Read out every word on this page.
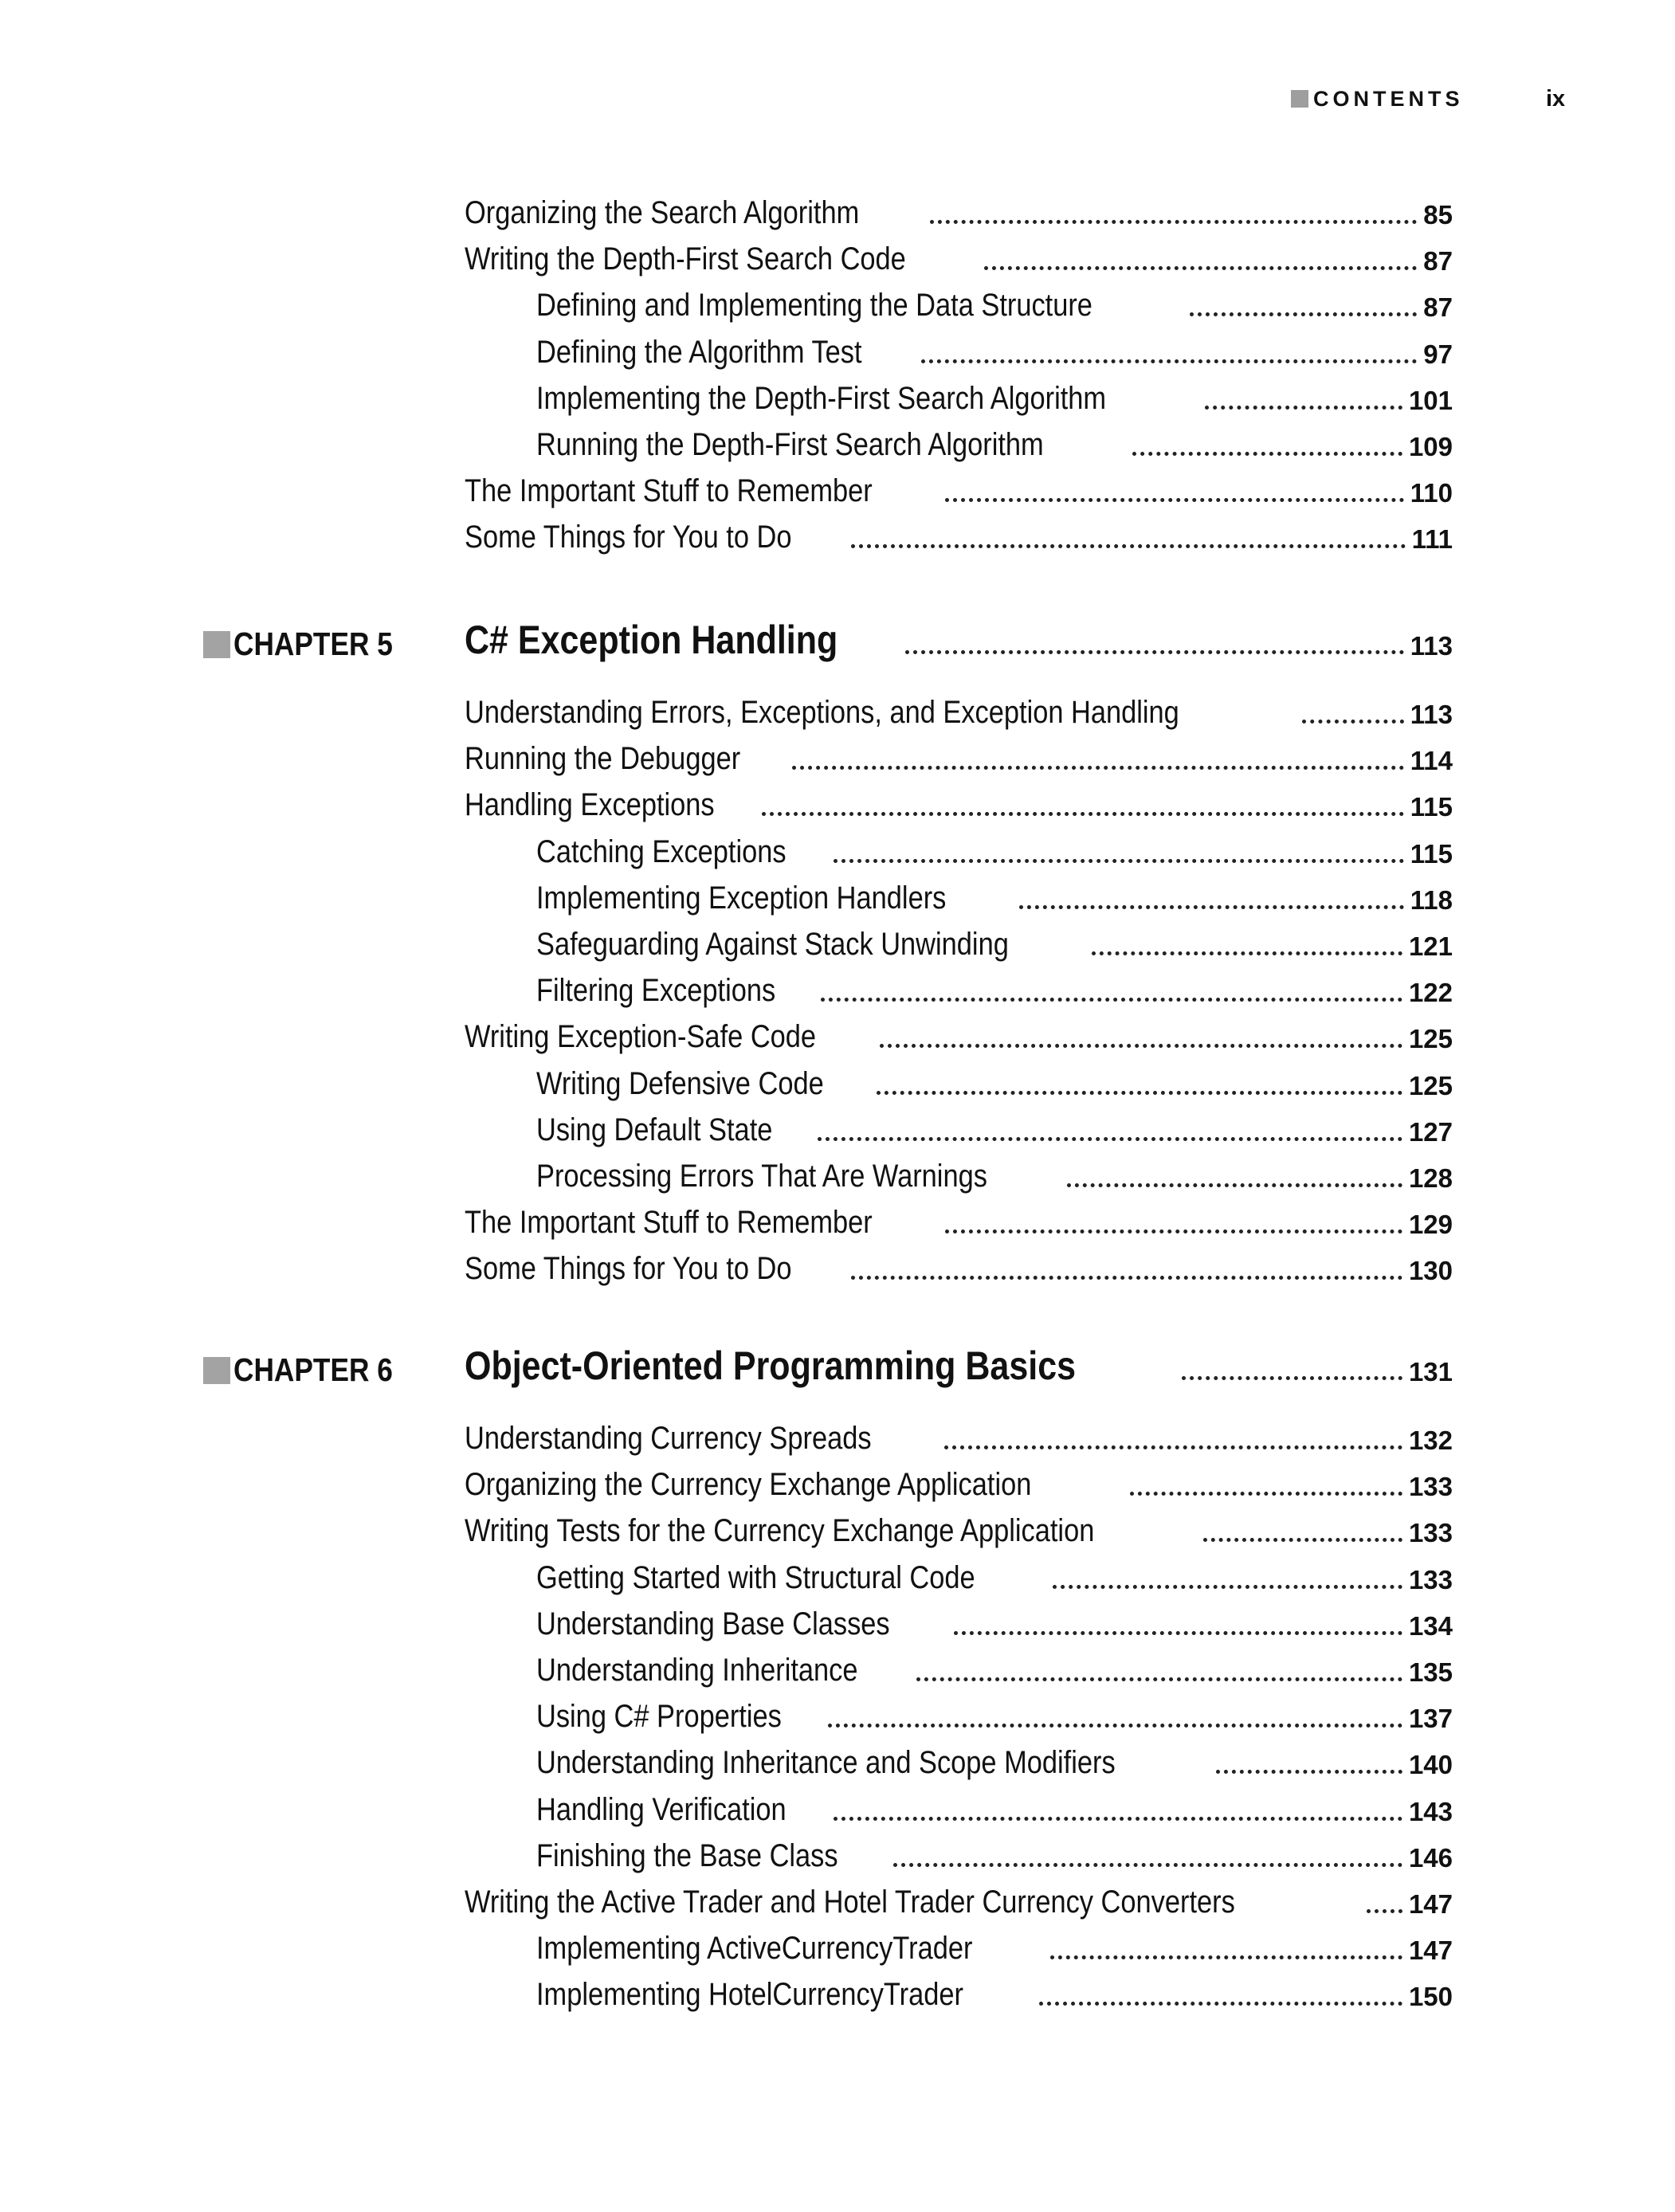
CONTENTS	ix
Organizing the Search Algorithm	85
Writing the Depth-First Search Code	87
Defining and Implementing the Data Structure	87
Defining the Algorithm Test	97
Implementing the Depth-First Search Algorithm	101
Running the Depth-First Search Algorithm	109
The Important Stuff to Remember	110
Some Things for You to Do	111
CHAPTER 5 C# Exception Handling	113
Understanding Errors, Exceptions, and Exception Handling	113
Running the Debugger	114
Handling Exceptions	115
Catching Exceptions	115
Implementing Exception Handlers	118
Safeguarding Against Stack Unwinding	121
Filtering Exceptions	122
Writing Exception-Safe Code	125
Writing Defensive Code	125
Using Default State	127
Processing Errors That Are Warnings	128
The Important Stuff to Remember	129
Some Things for You to Do	130
CHAPTER 6 Object-Oriented Programming Basics	131
Understanding Currency Spreads	132
Organizing the Currency Exchange Application	133
Writing Tests for the Currency Exchange Application	133
Getting Started with Structural Code	133
Understanding Base Classes	134
Understanding Inheritance	135
Using C# Properties	137
Understanding Inheritance and Scope Modifiers	140
Handling Verification	143
Finishing the Base Class	146
Writing the Active Trader and Hotel Trader Currency Converters	147
Implementing ActiveCurrencyTrader	147
Implementing HotelCurrencyTrader	150
